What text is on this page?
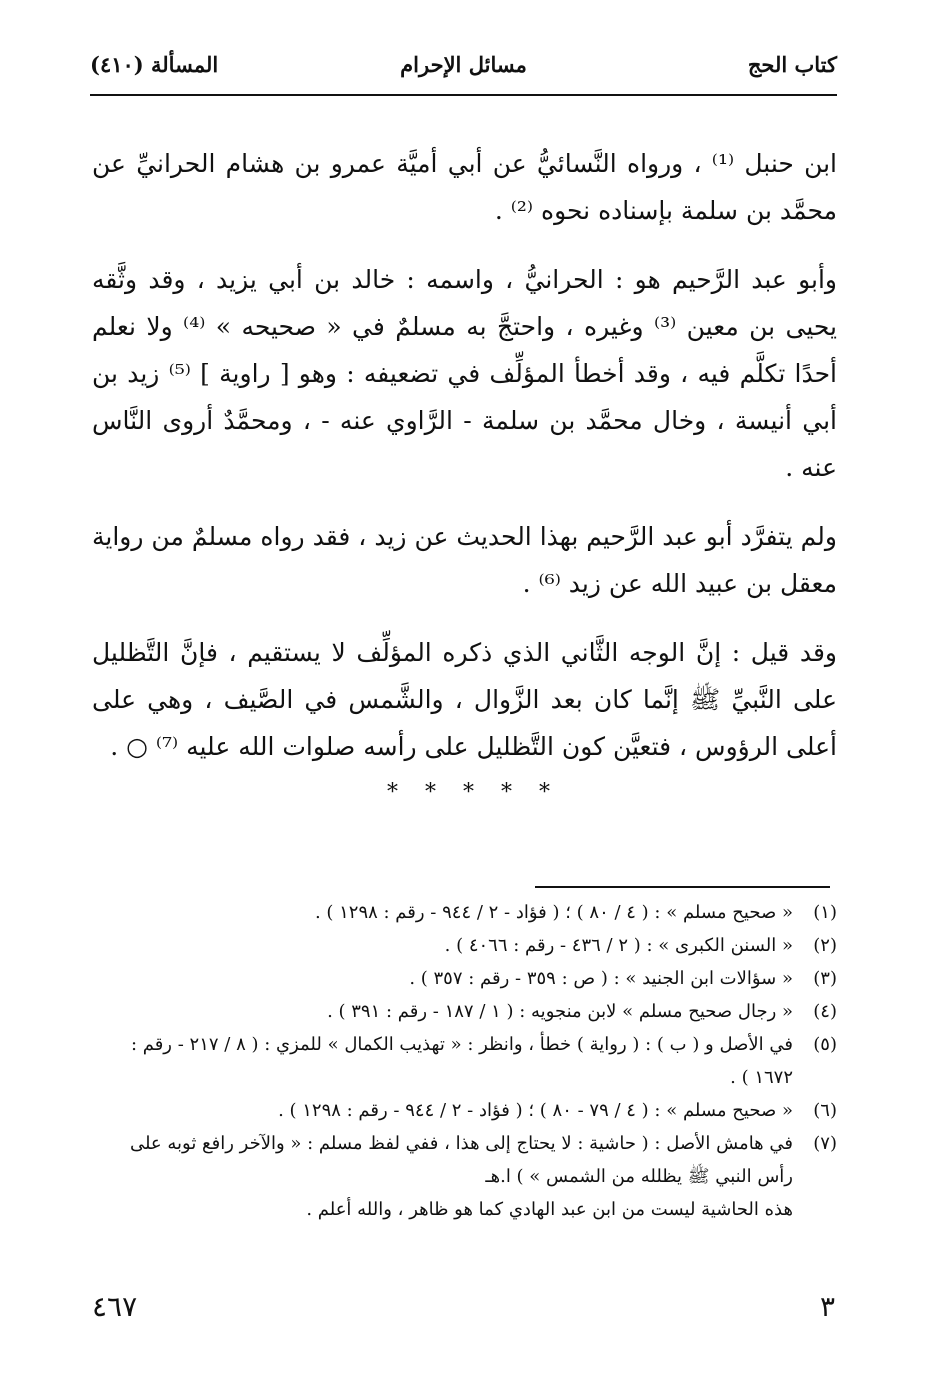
كتاب الحج
مسائل الإحرام
المسألة (٤١٠)

ابن حنبل ⁽¹⁾ ، ورواه النَّسائيُّ عن أبي أميَّة عمرو بن هشام الحرانيِّ عن محمَّد بن سلمة بإسناده نحوه ⁽²⁾ .

وأبو عبد الرَّحيم هو : الحرانيُّ ، واسمه : خالد بن أبي يزيد ، وقد وثَّقه يحيى بن معين ⁽³⁾ وغيره ، واحتجَّ به مسلمٌ في « صحيحه » ⁽⁴⁾ ولا نعلم أحدًا تكلَّم فيه ، وقد أخطأ المؤلِّف في تضعيفه : وهو [ راوية ] ⁽⁵⁾ زيد بن أبي أنيسة ، وخال محمَّد بن سلمة - الرَّاوي عنه - ، ومحمَّدٌ أروى النَّاس عنه .

ولم يتفرَّد أبو عبد الرَّحيم بهذا الحديث عن زيد ، فقد رواه مسلمٌ من رواية معقل بن عبيد الله عن زيد ⁽⁶⁾ .

وقد قيل : إنَّ الوجه الثَّاني الذي ذكره المؤلِّف لا يستقيم ، فإنَّ التَّظليل على النَّبيِّ ﷺ إنَّما كان بعد الزَّوال ، والشَّمس في الصَّيف ، وهي على أعلى الرؤوس ، فتعيَّن كون التَّظليل على رأسه صلوات الله عليه ⁽⁷⁾ ○ .

* * * * *
(١)
« صحيح مسلم » : ( ٤ / ٨٠ ) ؛ ( فؤاد - ٢ / ٩٤٤ - رقم : ١٢٩٨ ) .
(٢)
« السنن الكبرى » : ( ٢ / ٤٣٦ - رقم : ٤٠٦٦ ) .
(٣)
« سؤالات ابن الجنيد » : ( ص : ٣٥٩ - رقم : ٣٥٧ ) .
(٤)
« رجال صحيح مسلم » لابن منجويه : ( ١ / ١٨٧ - رقم : ٣٩١ ) .
(٥)
في الأصل و ( ب ) : ( رواية ) خطأ ، وانظر : « تهذيب الكمال » للمزي : ( ٨ / ٢١٧ - رقم : ١٦٧٢ ) .
(٦)
« صحيح مسلم » : ( ٤ / ٧٩ - ٨٠ ) ؛ ( فؤاد - ٢ / ٩٤٤ - رقم : ١٢٩٨ ) .
(٧)
في هامش الأصل : ( حاشية : لا يحتاج إلى هذا ، ففي لفظ مسلم : « والآخر رافع ثوبه على رأس النبي ﷺ يظلله من الشمس » ) ا.هـ
هذه الحاشية ليست من ابن عبد الهادي كما هو ظاهر ، والله أعلم .
٤٦٧	٣
